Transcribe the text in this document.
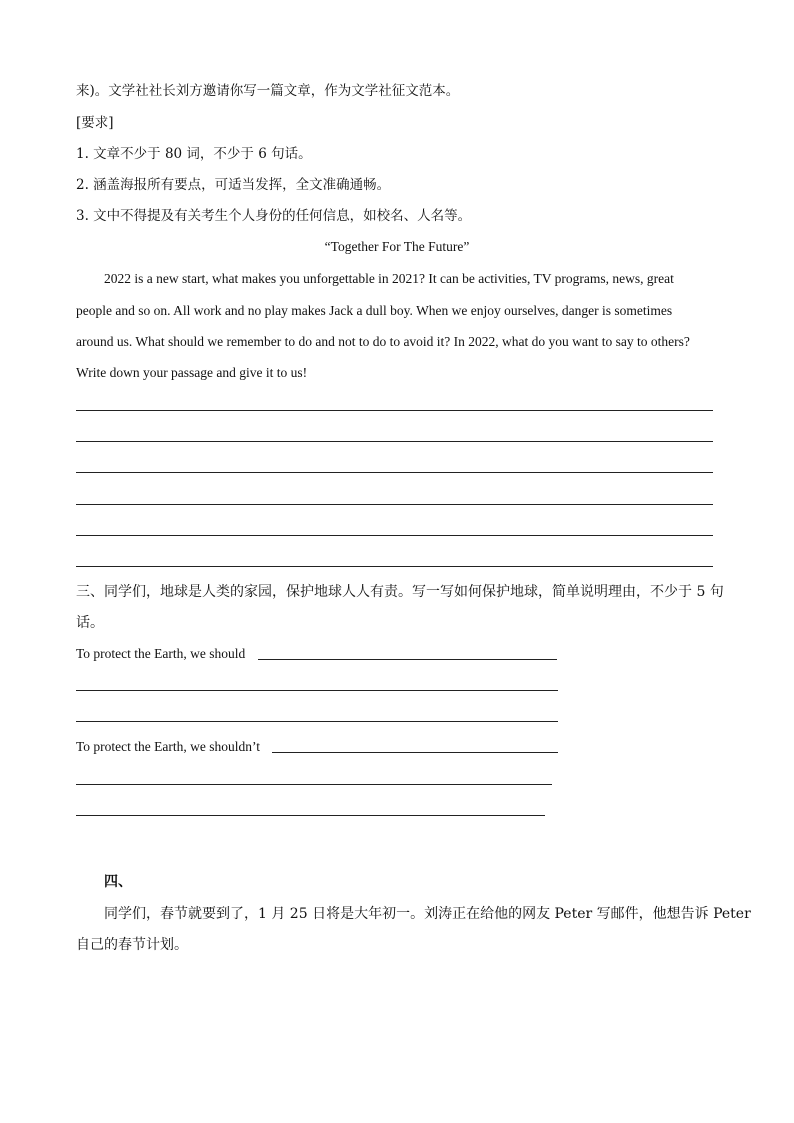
来)。文学社社长刘方邀请你写一篇文章，作为文学社征文范本。
[要求]
1. 文章不少于 80 词，不少于 6 句话。
2. 涵盖海报所有要点，可适当发挥，全文准确通畅。
3. 文中不得提及有关考生个人身份的任何信息，如校名、人名等。
“Together For The Future”
2022 is a new start, what makes you unforgettable in 2021? It can be activities, TV programs, news, great
people and so on. All work and no play makes Jack a dull boy. When we enjoy ourselves, danger is sometimes
around us. What should we remember to do and not to do to avoid it? In 2022, what do you want to say to others?
Write down your passage and give it to us!
三、同学们，地球是人类的家园，保护地球人人有责。写一写如何保护地球，简单说明理由，不少于 5 句
话。
To protect the Earth, we should
To protect the Earth, we shouldn’t
四、
同学们，春节就要到了，1 月 25 日将是大年初一。刘涛正在给他的网友 Peter 写邮件，他想告诉 Peter
自己的春节计划。
